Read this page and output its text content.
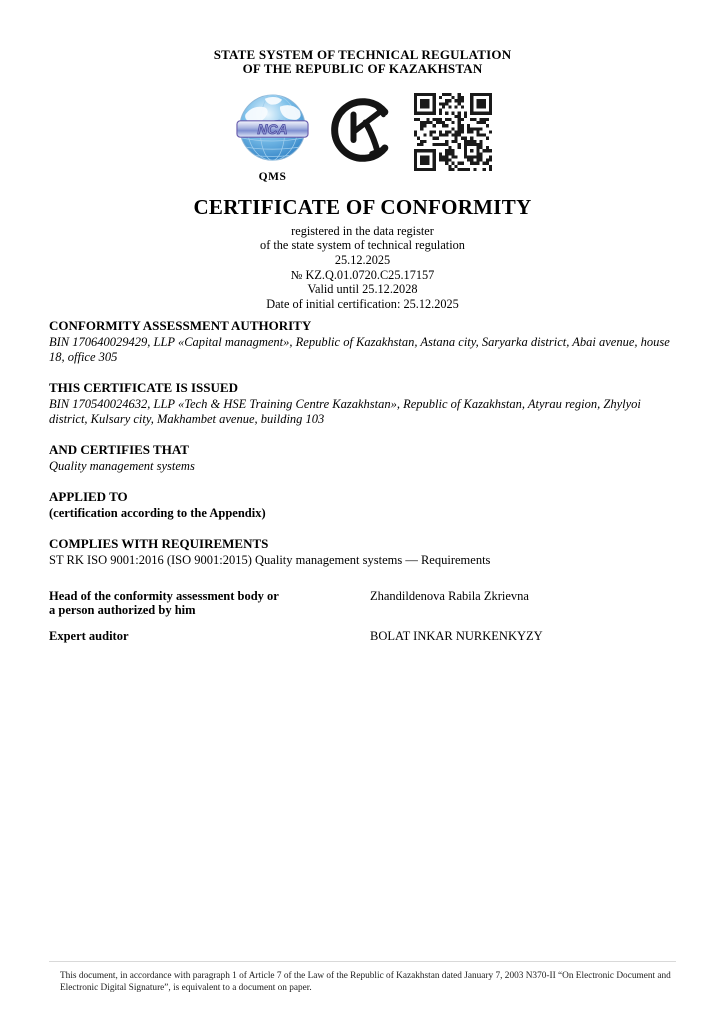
STATE SYSTEM OF TECHNICAL REGULATION
OF THE REPUBLIC OF KAZAKHSTAN
NCA
QMS
CERTIFICATE OF CONFORMITY
registered in the data register
of the state system of technical regulation
25.12.2025
№ KZ.Q.01.0720.C25.17157
Valid until 25.12.2028
Date of initial certification: 25.12.2025
CONFORMITY ASSESSMENT AUTHORITY
BIN 170640029429, LLP «Capital managment», Republic of Kazakhstan, Astana city, Saryarka district, Abai avenue, house 18, office 305
THIS CERTIFICATE IS ISSUED
BIN 170540024632, LLP «Tech & HSE Training Centre Kazakhstan», Republic of Kazakhstan, Atyrau region, Zhylyoi district, Kulsary city, Makhambet avenue, building 103
AND CERTIFIES THAT
Quality management systems
APPLIED TO
(certification according to the Appendix)
COMPLIES WITH REQUIREMENTS
ST RK ISO 9001:2016 (ISO 9001:2015) Quality management systems — Requirements
Head of the conformity assessment body or
a person authorized by him
Zhandildenova Rabila Zkrievna
Expert auditor	BOLAT INKAR NURKENKYZY
This document, in accordance with paragraph 1 of Article 7 of the Law of the Republic of Kazakhstan dated January 7, 2003 N370-II “On Electronic Document and Electronic Digital Signature”, is equivalent to a document on paper.
